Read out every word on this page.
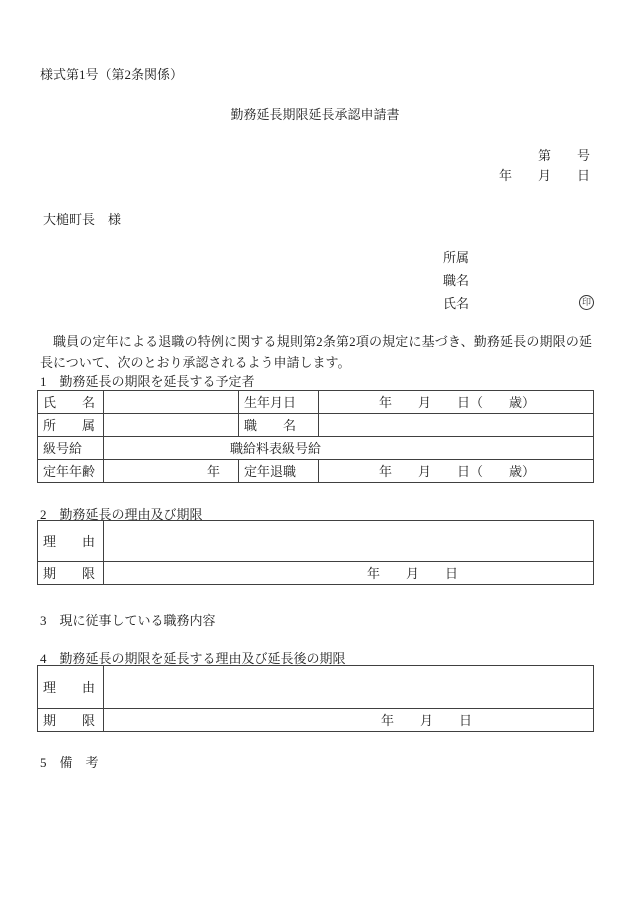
様式第1号（第2条関係）
勤務延長期限延長承認申請書
第　　号
年　　月　　日
大槌町長　様
所属
職名
氏名	印
職員の定年による退職の特例に関する規則第2条第2項の規定に基づき、勤務延長の期限の延長について、次のとおり承認されるよう申請します。
1　勤務延長の期限を延長する予定者
氏　　名		生年月日	年　　月　　日（　　歳）
所　　属		職　　名	
級号給	職給料表級号給		
定年年齢	年	定年退職	年　　月　　日（　　歳）
2　勤務延長の理由及び期限
理　　由	
期　　限	年　　月　　日
3　現に従事している職務内容
4　勤務延長の期限を延長する理由及び延長後の期限
理　　由	
期　　限	年　　月　　日
5　備　考
